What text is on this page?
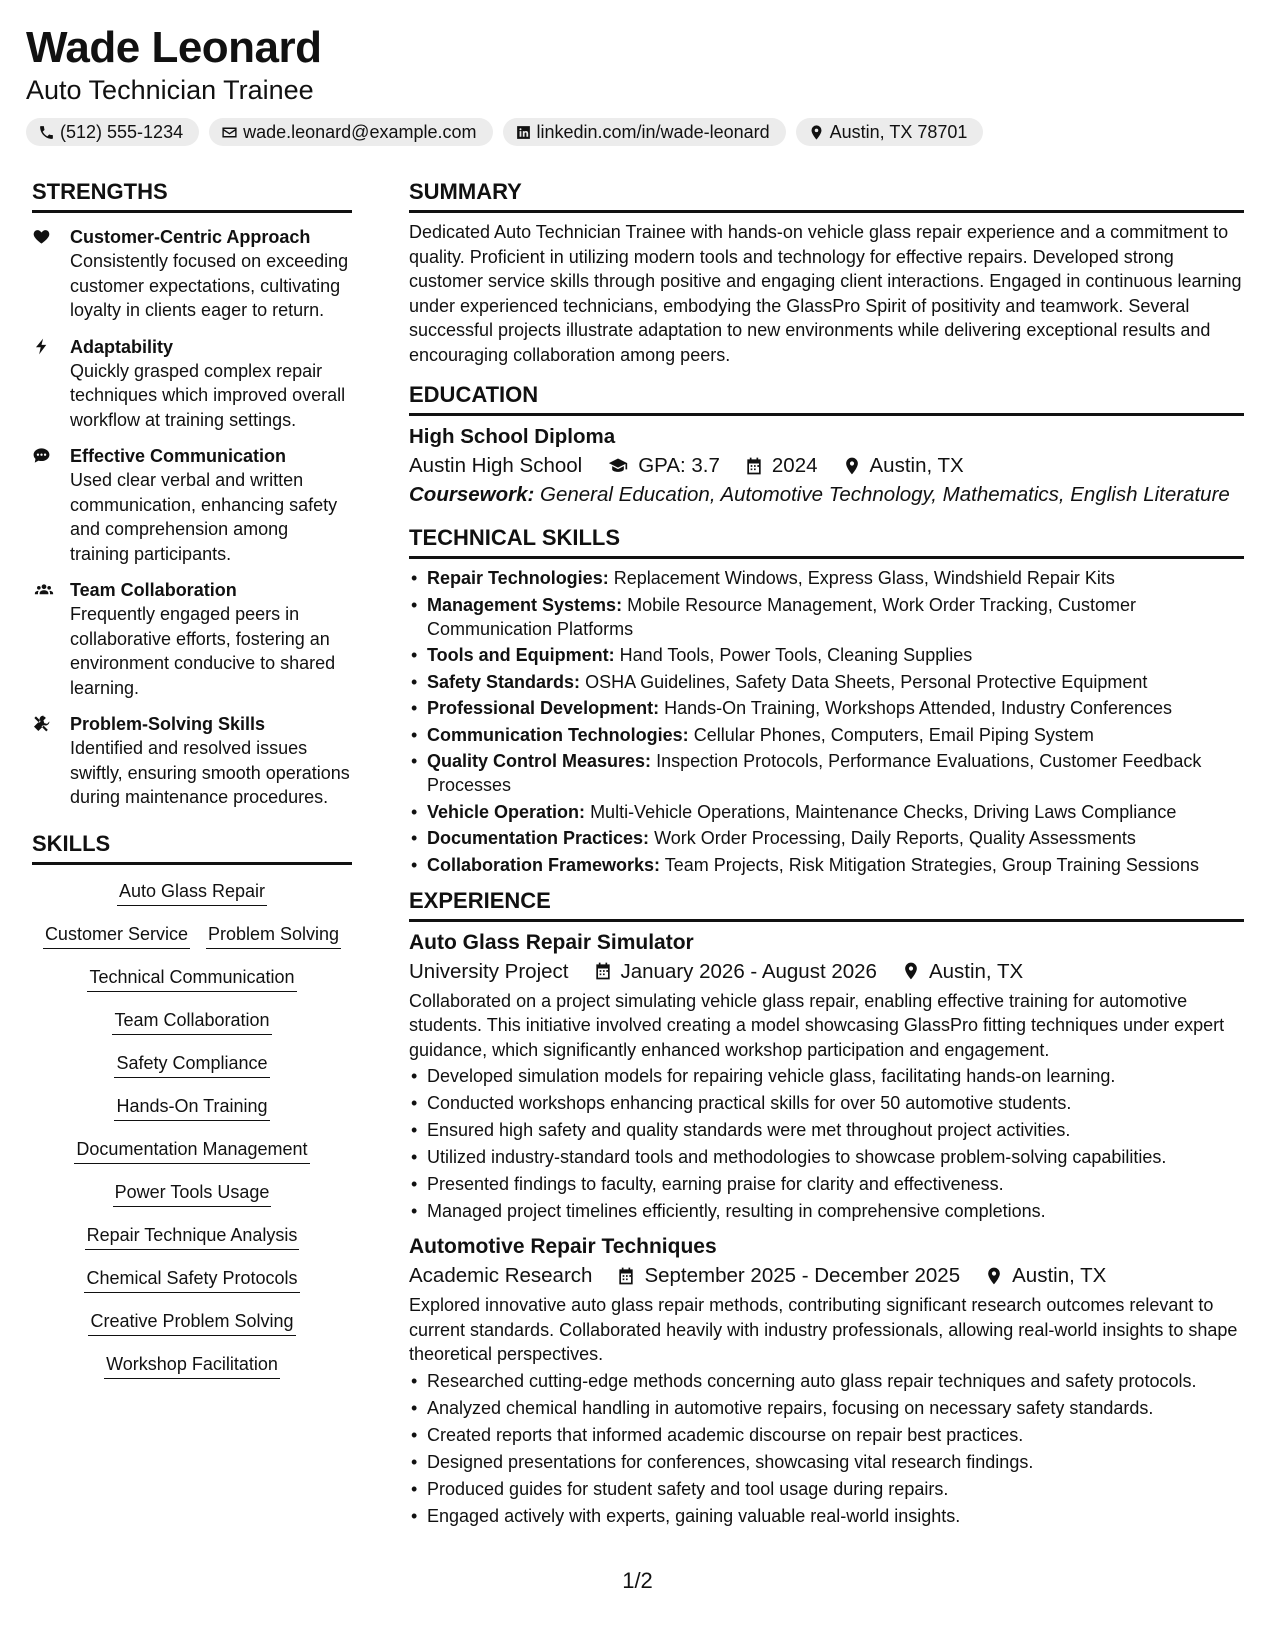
Wade Leonard
Auto Technician Trainee
(512) 555-1234	wade.leonard@example.com	linkedin.com/in/wade-leonard	Austin, TX 78701
STRENGTHS
Customer-Centric Approach
Consistently focused on exceeding customer expectations, cultivating loyalty in clients eager to return.
Adaptability
Quickly grasped complex repair techniques which improved overall workflow at training settings.
Effective Communication
Used clear verbal and written communication, enhancing safety and comprehension among training participants.
Team Collaboration
Frequently engaged peers in collaborative efforts, fostering an environment conducive to shared learning.
Problem-Solving Skills
Identified and resolved issues swiftly, ensuring smooth operations during maintenance procedures.
SKILLS
Auto Glass Repair
Customer Service Problem Solving
Technical Communication
Team Collaboration
Safety Compliance
Hands-On Training
Documentation Management
Power Tools Usage
Repair Technique Analysis
Chemical Safety Protocols
Creative Problem Solving
Workshop Facilitation
SUMMARY
Dedicated Auto Technician Trainee with hands-on vehicle glass repair experience and a commitment to quality. Proficient in utilizing modern tools and technology for effective repairs. Developed strong customer service skills through positive and engaging client interactions. Engaged in continuous learning under experienced technicians, embodying the GlassPro Spirit of positivity and teamwork. Several successful projects illustrate adaptation to new environments while delivering exceptional results and encouraging collaboration among peers.
EDUCATION
High School Diploma
Austin High School	GPA: 3.7	2024	Austin, TX
Coursework: General Education, Automotive Technology, Mathematics, English Literature
TECHNICAL SKILLS
• Repair Technologies: Replacement Windows, Express Glass, Windshield Repair Kits
• Management Systems: Mobile Resource Management, Work Order Tracking, Customer Communication Platforms
• Tools and Equipment: Hand Tools, Power Tools, Cleaning Supplies
• Safety Standards: OSHA Guidelines, Safety Data Sheets, Personal Protective Equipment
• Professional Development: Hands-On Training, Workshops Attended, Industry Conferences
• Communication Technologies: Cellular Phones, Computers, Email Piping System
• Quality Control Measures: Inspection Protocols, Performance Evaluations, Customer Feedback Processes
• Vehicle Operation: Multi-Vehicle Operations, Maintenance Checks, Driving Laws Compliance
• Documentation Practices: Work Order Processing, Daily Reports, Quality Assessments
• Collaboration Frameworks: Team Projects, Risk Mitigation Strategies, Group Training Sessions
EXPERIENCE
Auto Glass Repair Simulator
University Project	January 2026 - August 2026	Austin, TX
Collaborated on a project simulating vehicle glass repair, enabling effective training for automotive students. This initiative involved creating a model showcasing GlassPro fitting techniques under expert guidance, which significantly enhanced workshop participation and engagement.
• Developed simulation models for repairing vehicle glass, facilitating hands-on learning.
• Conducted workshops enhancing practical skills for over 50 automotive students.
• Ensured high safety and quality standards were met throughout project activities.
• Utilized industry-standard tools and methodologies to showcase problem-solving capabilities.
• Presented findings to faculty, earning praise for clarity and effectiveness.
• Managed project timelines efficiently, resulting in comprehensive completions.
Automotive Repair Techniques
Academic Research	September 2025 - December 2025	Austin, TX
Explored innovative auto glass repair methods, contributing significant research outcomes relevant to current standards. Collaborated heavily with industry professionals, allowing real-world insights to shape theoretical perspectives.
• Researched cutting-edge methods concerning auto glass repair techniques and safety protocols.
• Analyzed chemical handling in automotive repairs, focusing on necessary safety standards.
• Created reports that informed academic discourse on repair best practices.
• Designed presentations for conferences, showcasing vital research findings.
• Produced guides for student safety and tool usage during repairs.
• Engaged actively with experts, gaining valuable real-world insights.
1/2
